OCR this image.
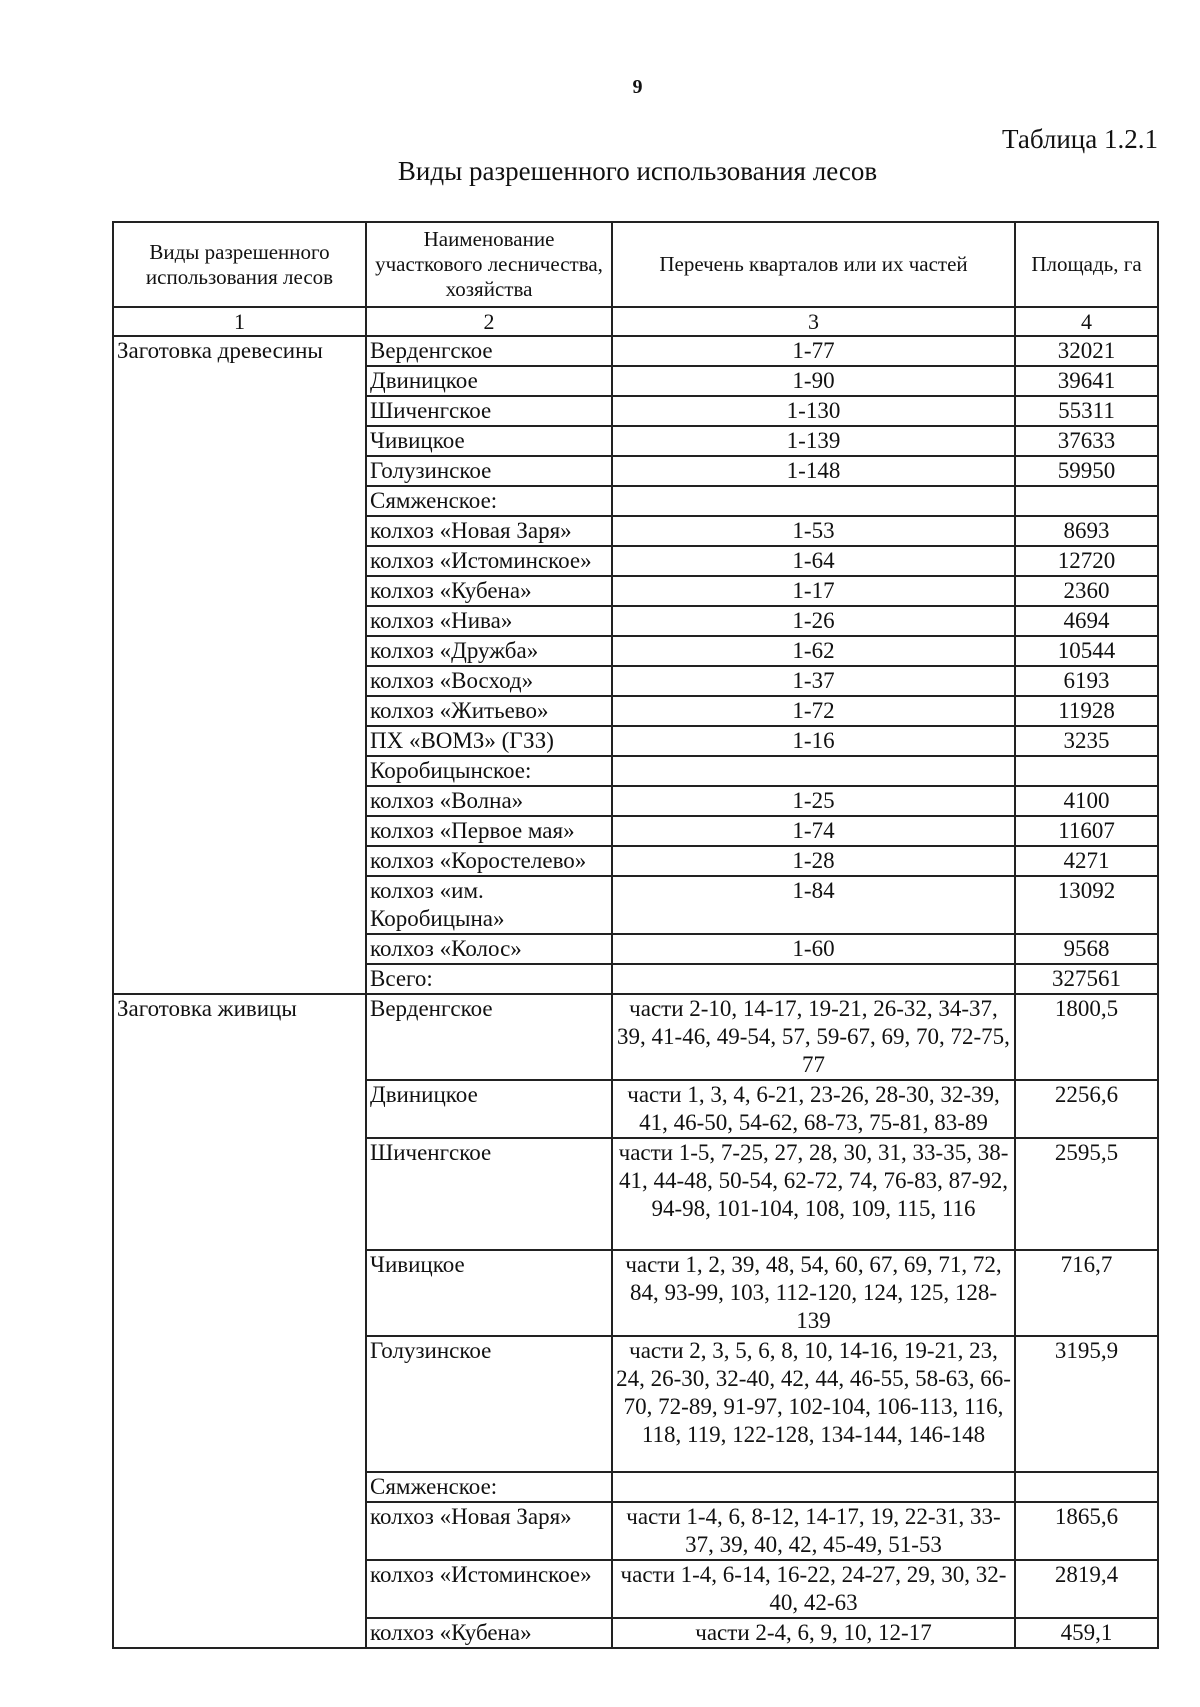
9
Таблица 1.2.1
Виды разрешенного использования лесов
Виды разрешенного использования лесов	Наименование участкового лесничества, хозяйства	Перечень кварталов или их частей	Площадь, га
1	2	3	4
Заготовка древесины	Верденгское	1-77	32021
	Двиницкое	1-90	39641
	Шиченгское	1-130	55311
	Чивицкое	1-139	37633
	Голузинское	1-148	59950
	Сямженское:		
	колхоз «Новая Заря»	1-53	8693
	колхоз «Истоминское»	1-64	12720
	колхоз «Кубена»	1-17	2360
	колхоз «Нива»	1-26	4694
	колхоз «Дружба»	1-62	10544
	колхоз «Восход»	1-37	6193
	колхоз «Житьево»	1-72	11928
	ПХ «ВОМЗ» (ГЗЗ)	1-16	3235
	Коробицынское:		
	колхоз «Волна»	1-25	4100
	колхоз «Первое мая»	1-74	11607
	колхоз «Коростелево»	1-28	4271
	колхоз «им. Коробицына»	1-84	13092
	колхоз «Колос»	1-60	9568
	Всего:		327561
Заготовка живицы	Верденгское	части 2-10, 14-17, 19-21, 26-32, 34-37, 39, 41-46, 49-54, 57, 59-67, 69, 70, 72-75, 77	1800,5
	Двиницкое	части 1, 3, 4, 6-21, 23-26, 28-30, 32-39, 41, 46-50, 54-62, 68-73, 75-81, 83-89	2256,6
	Шиченгское	части 1-5, 7-25, 27, 28, 30, 31, 33-35, 38-41, 44-48, 50-54, 62-72, 74, 76-83, 87-92, 94-98, 101-104, 108, 109, 115, 116	2595,5
	Чивицкое	части 1, 2, 39, 48, 54, 60, 67, 69, 71, 72, 84, 93-99, 103, 112-120, 124, 125, 128-139	716,7
	Голузинское	части 2, 3, 5, 6, 8, 10, 14-16, 19-21, 23, 24, 26-30, 32-40, 42, 44, 46-55, 58-63, 66-70, 72-89, 91-97, 102-104, 106-113, 116, 118, 119, 122-128, 134-144, 146-148	3195,9
	Сямженское:		
	колхоз «Новая Заря»	части 1-4, 6, 8-12, 14-17, 19, 22-31, 33-37, 39, 40, 42, 45-49, 51-53	1865,6
	колхоз «Истоминское»	части 1-4, 6-14, 16-22, 24-27, 29, 30, 32-40, 42-63	2819,4
	колхоз «Кубена»	части 2-4, 6, 9, 10, 12-17	459,1
